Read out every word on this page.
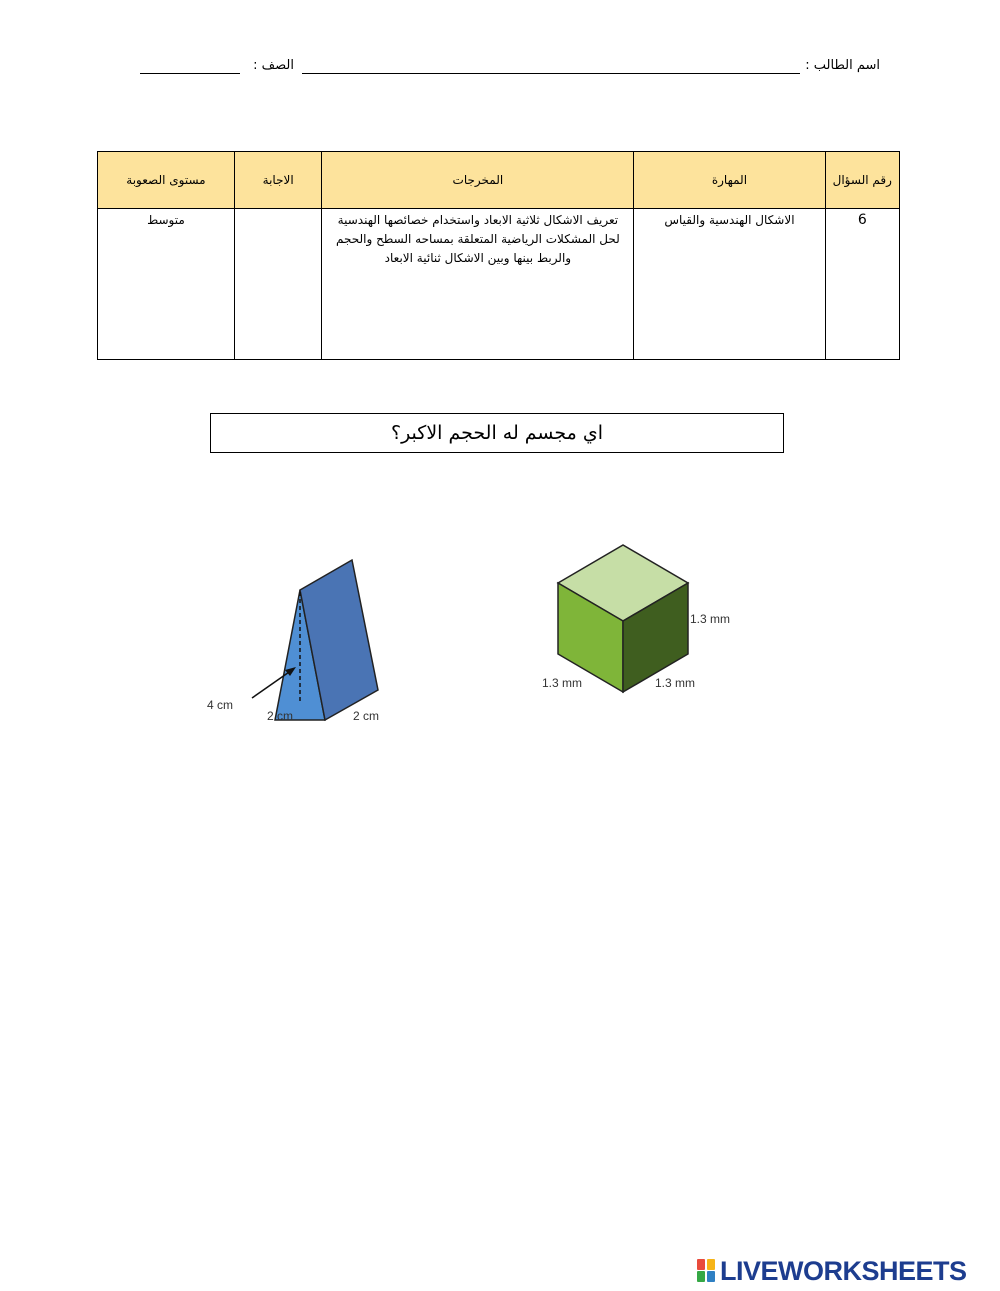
اسم الطالب :
الصف :
رقم السؤال	المهارة	المخرجات	الاجابة	مستوى الصعوبة
6	الاشكال الهندسية والقياس	تعريف الاشكال ثلاثية الابعاد واستخدام خصائصها الهندسية لحل المشكلات الرياضية المتعلقة بمساحه السطح والحجم والربط بينها وبين الاشكال ثنائية الابعاد		متوسط
اي مجسم له الحجم الاكبر؟
4 cm
2 cm	2 cm
1.3 mm
1.3 mm	1.3 mm
LIVEWORKSHEETS
